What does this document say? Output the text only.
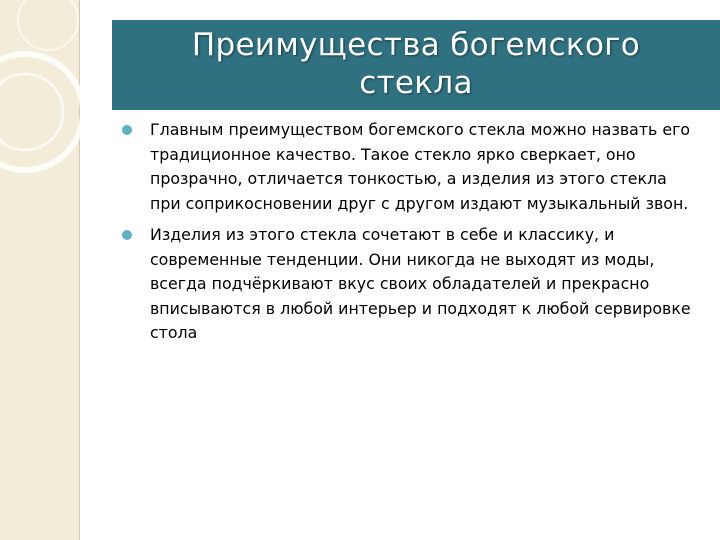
Преимущества богемского стекла
Главным преимуществом богемского стекла можно назвать его традиционное качество. Такое стекло ярко сверкает, оно прозрачно, отличается тонкостью, а изделия из этого стекла при соприкосновении друг с другом издают музыкальный звон.
Изделия из этого стекла сочетают в себе и классику, и современные тенденции. Они никогда не выходят из моды, всегда подчёркивают вкус своих обладателей и прекрасно вписываются в любой интерьер и подходят к любой сервировке стола
